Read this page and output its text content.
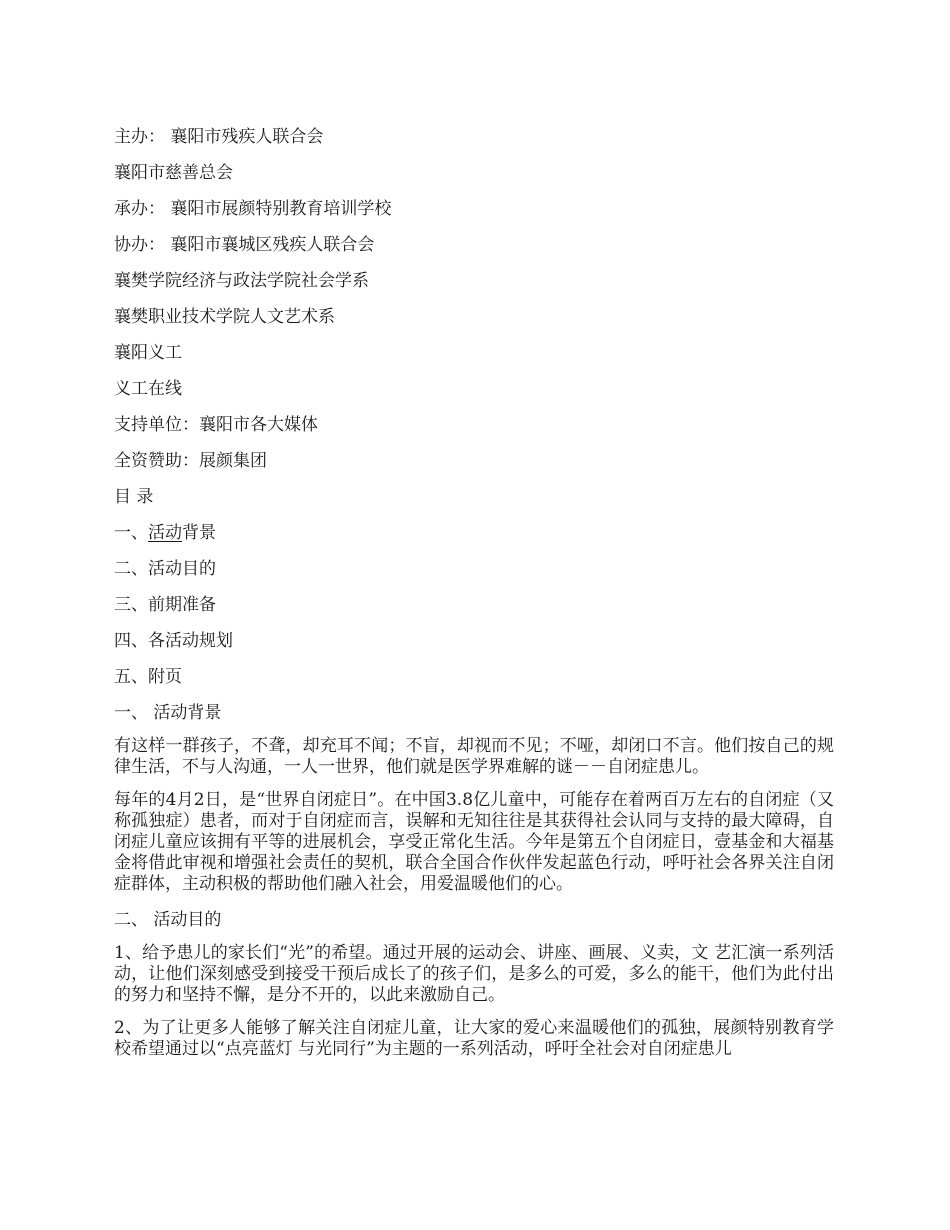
主办： 襄阳市残疾人联合会
襄阳市慈善总会
承办： 襄阳市展颜特别教育培训学校
协办： 襄阳市襄城区残疾人联合会
襄樊学院经济与政法学院社会学系
襄樊职业技术学院人文艺术系
襄阳义工
义工在线
支持单位：襄阳市各大媒体
全资赞助：展颜集团
目 录
一、活动背景
二、活动目的
三、前期准备
四、各活动规划
五、附页
一、 活动背景

有这样一群孩子，不聋，却充耳不闻；不盲，却视而不见；不哑，却闭口不言。他们按自己的规律生活，不与人沟通，一人一世界，他们就是医学界难解的谜－－自闭症患儿。

每年的4月2日，是“世界自闭症日”。在中国3.8亿儿童中，可能存在着两百万左右的自闭症（又称孤独症）患者，而对于自闭症而言，误解和无知往往是其获得社会认同与支持的最大障碍，自闭症儿童应该拥有平等的进展机会，享受正常化生活。今年是第五个自闭症日，壹基金和大福基金将借此审视和增强社会责任的契机，联合全国合作伙伴发起蓝色行动，呼吁社会各界关注自闭症群体，主动积极的帮助他们融入社会，用爱温暖他们的心。

二、 活动目的

1、给予患儿的家长们“光”的希望。通过开展的运动会、讲座、画展、义卖，文 艺汇演一系列活动，让他们深刻感受到接受干预后成长了的孩子们，是多么的可爱，多么的能干，他们为此付出的努力和坚持不懈，是分不开的，以此来激励自己。

2、为了让更多人能够了解关注自闭症儿童，让大家的爱心来温暖他们的孤独，展颜特别教育学校希望通过以“点亮蓝灯 与光同行”为主题的一系列活动，呼吁全社会对自闭症患儿
